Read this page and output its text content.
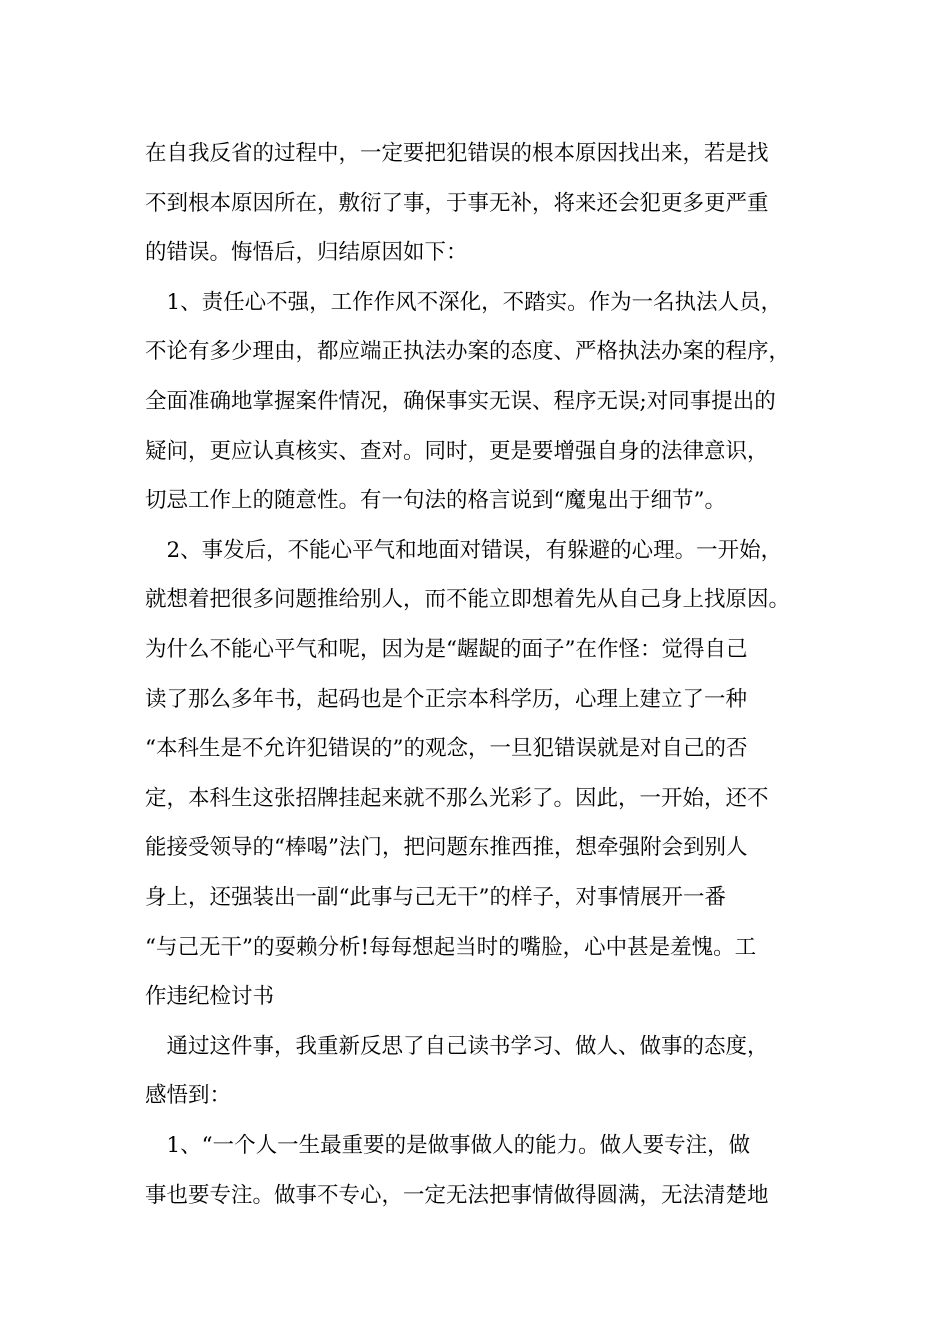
在自我反省的过程中，一定要把犯错误的根本原因找出来，若是找
不到根本原因所在，敷衍了事，于事无补，将来还会犯更多更严重
的错误。悔悟后，归结原因如下：
　1、责任心不强，工作作风不深化，不踏实。作为一名执法人员，
不论有多少理由，都应端正执法办案的态度、严格执法办案的程序，
全面准确地掌握案件情况，确保事实无误、程序无误;对同事提出的
疑问，更应认真核实、查对。同时，更是要增强自身的法律意识，
切忌工作上的随意性。有一句法的格言说到“魔鬼出于细节”。
　2、事发后，不能心平气和地面对错误，有躲避的心理。一开始，
就想着把很多问题推给别人，而不能立即想着先从自己身上找原因。
为什么不能心平气和呢，因为是“龌龊的面子”在作怪：觉得自己
读了那么多年书，起码也是个正宗本科学历，心理上建立了一种
“本科生是不允许犯错误的”的观念，一旦犯错误就是对自己的否
定，本科生这张招牌挂起来就不那么光彩了。因此，一开始，还不
能接受领导的“棒喝”法门，把问题东推西推，想牵强附会到别人
身上，还强装出一副“此事与己无干”的样子，对事情展开一番
“与己无干”的耍赖分析!每每想起当时的嘴脸，心中甚是羞愧。工
作违纪检讨书
　通过这件事，我重新反思了自己读书学习、做人、做事的态度，
感悟到：
　1、“一个人一生最重要的是做事做人的能力。做人要专注，做
事也要专注。做事不专心，一定无法把事情做得圆满，无法清楚地
